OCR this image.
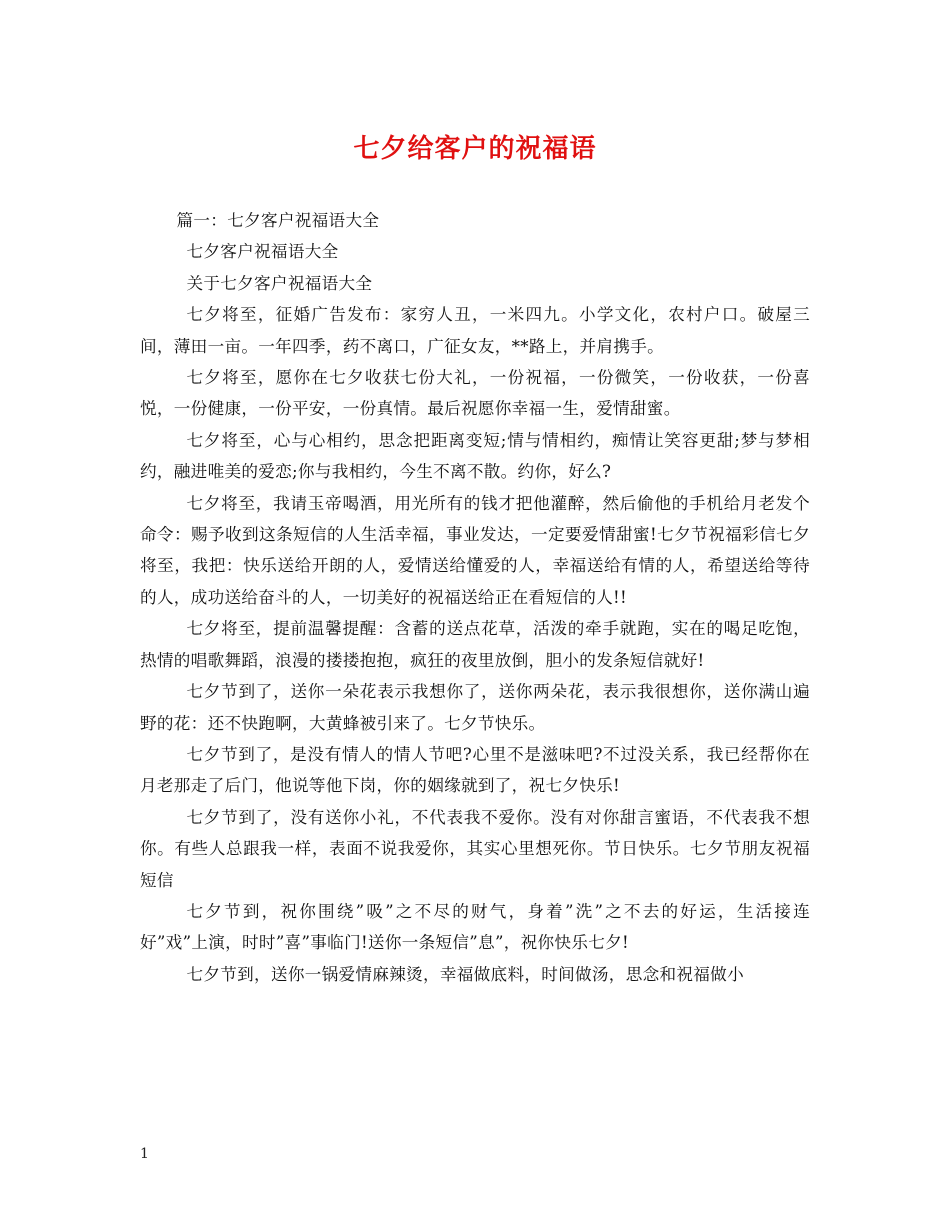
七夕给客户的祝福语

篇一：七夕客户祝福语大全

七夕客户祝福语大全

关于七夕客户祝福语大全

七夕将至，征婚广告发布：家穷人丑，一米四九。小学文化，农村户口。破屋三间，薄田一亩。一年四季，药不离口，广征女友，**路上，并肩携手。

七夕将至，愿你在七夕收获七份大礼，一份祝福，一份微笑，一份收获，一份喜悦，一份健康，一份平安，一份真情。最后祝愿你幸福一生，爱情甜蜜。

七夕将至，心与心相约，思念把距离变短;情与情相约，痴情让笑容更甜;梦与梦相约，融进唯美的爱恋;你与我相约，今生不离不散。约你，好么?

七夕将至，我请玉帝喝酒，用光所有的钱才把他灌醉，然后偷他的手机给月老发个命令：赐予收到这条短信的人生活幸福，事业发达，一定要爱情甜蜜!七夕节祝福彩信七夕将至，我把：快乐送给开朗的人，爱情送给懂爱的人，幸福送给有情的人，希望送给等待的人，成功送给奋斗的人，一切美好的祝福送给正在看短信的人!!

七夕将至，提前温馨提醒：含蓄的送点花草，活泼的牵手就跑，实在的喝足吃饱，热情的唱歌舞蹈，浪漫的搂搂抱抱，疯狂的夜里放倒，胆小的发条短信就好!

七夕节到了，送你一朵花表示我想你了，送你两朵花，表示我很想你，送你满山遍野的花：还不快跑啊，大黄蜂被引来了。七夕节快乐。

七夕节到了，是没有情人的情人节吧?心里不是滋味吧?不过没关系，我已经帮你在月老那走了后门，他说等他下岗，你的姻缘就到了，祝七夕快乐!

七夕节到了，没有送你小礼，不代表我不爱你。没有对你甜言蜜语，不代表我不想你。有些人总跟我一样，表面不说我爱你，其实心里想死你。节日快乐。七夕节朋友祝福短信

七夕节到，祝你围绕”吸”之不尽的财气，身着”洗”之不去的好运，生活接连好”戏”上演，时时”喜”事临门!送你一条短信”息”，祝你快乐七夕!

七夕节到，送你一锅爱情麻辣烫，幸福做底料，时间做汤，思念和祝福做小

1
